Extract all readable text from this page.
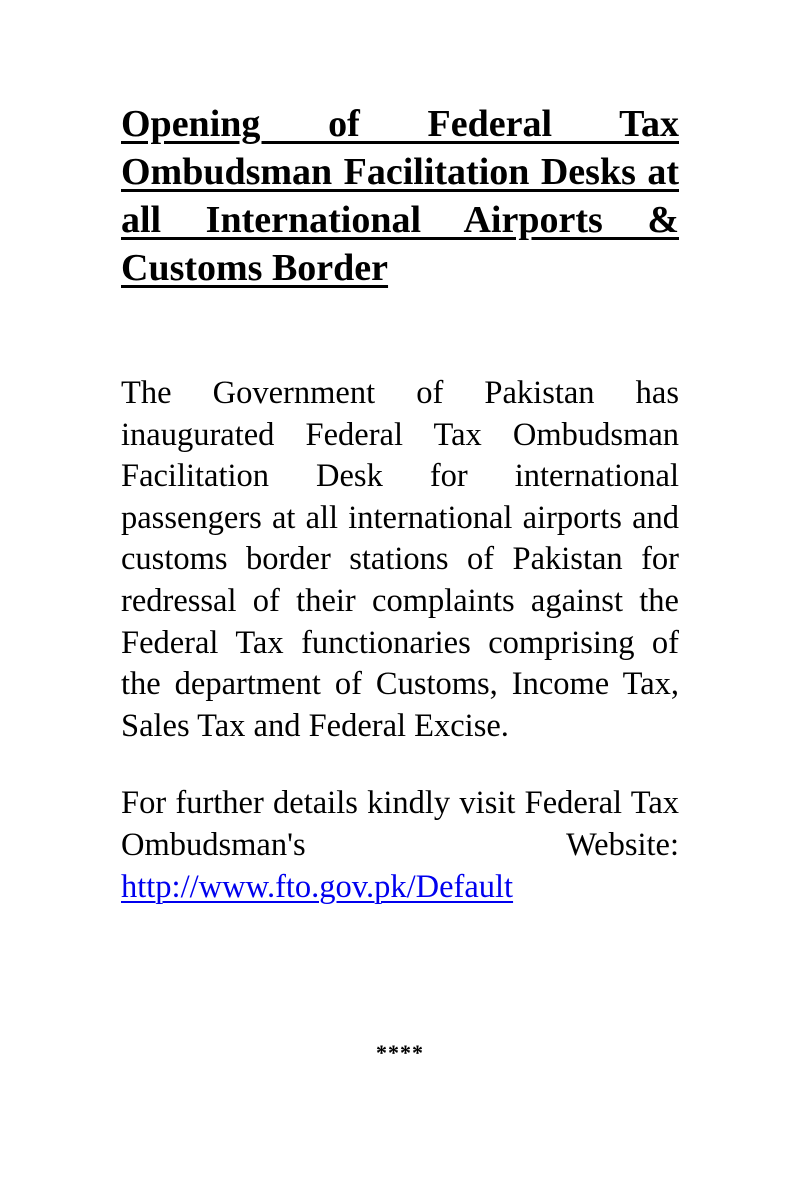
Opening of Federal Tax Ombudsman Facilitation Desks at all International Airports & Customs Border

The Government of Pakistan has inaugurated Federal Tax Ombudsman Facilitation Desk for international passengers at all international airports and customs border stations of Pakistan for redressal of their complaints against the Federal Tax functionaries comprising of the department of Customs, Income Tax, Sales Tax and Federal Excise.

For further details kindly visit Federal Tax Ombudsman's Website: http://www.fto.gov.pk/Default

****
